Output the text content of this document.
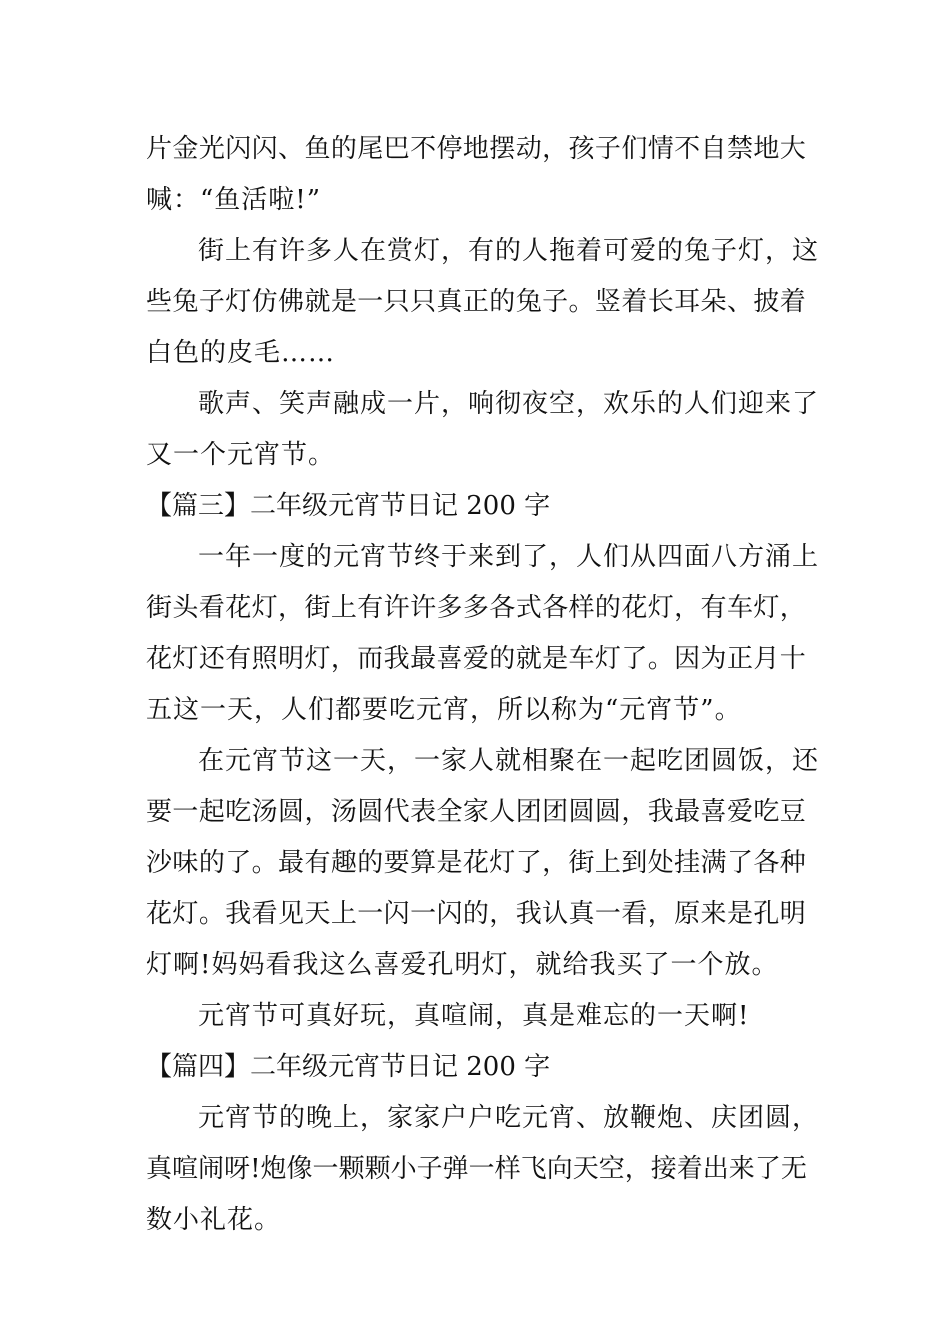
片 金 光 闪 闪 、 鱼 的 尾 巴 不 停 地 摆 动 ， 孩 子 们 情 不 自 禁 地 大
喊：“鱼活啦!”
街上有许多人在赏灯，有的人拖着可爱的兔子灯，这
些 兔 子 灯 仿 佛 就 是 一 只 只 真 正 的 兔 子 。 竖 着 长 耳 朵 、 披 着
白色的皮毛……
歌声、笑声融成一片，响彻夜空，欢乐的人们迎来了
又一个元宵节。
【篇三】二年级元宵节日记 200 字
一年一度的元宵节终于来到了，人们从四面八方涌上
街 头 看 花 灯 ， 街 上 有 许 许 多 多 各 式 各 样 的 花 灯 ， 有 车 灯 ，
花 灯 还 有 照 明 灯 ， 而 我 最 喜 爱 的 就 是 车 灯 了 。 因 为 正 月 十
五这一天，人们都要吃元宵，所以称为“元宵节”。
在元宵节这一天，一家人就相聚在一起吃团圆饭，还
要 一 起 吃 汤 圆 ， 汤 圆 代 表 全 家 人 团 团 圆 圆 ， 我 最 喜 爱 吃 豆
沙 味 的 了 。 最 有 趣 的 要 算 是 花 灯 了 ， 街 上 到 处 挂 满 了 各 种
花 灯 。 我 看 见 天 上 一 闪 一 闪 的 ， 我 认 真 一 看 ， 原 来 是 孔 明
灯啊!妈妈看我这么喜爱孔明灯，就给我买了一个放。
元宵节可真好玩，真喧闹，真是难忘的一天啊!
【篇四】二年级元宵节日记 200 字
元宵节的晚上，家家户户吃元宵、放鞭炮、庆团圆，
真 喧 闹 呀 ! 炮 像 一 颗 颗 小 子 弹 一 样 飞 向 天 空 ， 接 着 出 来 了 无
数小礼花。
